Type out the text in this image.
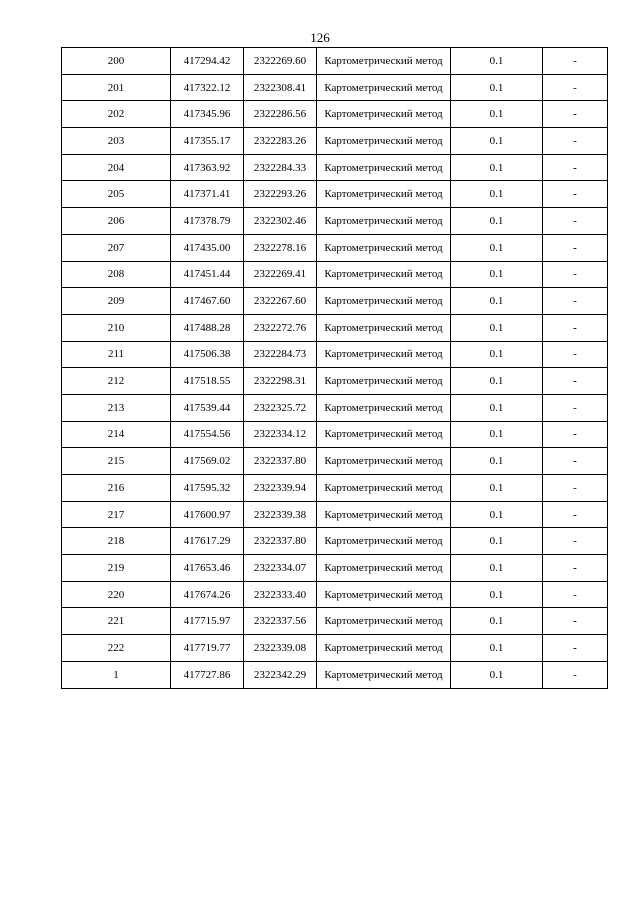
126
200	417294.42	2322269.60	Картометрический метод	0.1	-
201	417322.12	2322308.41	Картометрический метод	0.1	-
202	417345.96	2322286.56	Картометрический метод	0.1	-
203	417355.17	2322283.26	Картометрический метод	0.1	-
204	417363.92	2322284.33	Картометрический метод	0.1	-
205	417371.41	2322293.26	Картометрический метод	0.1	-
206	417378.79	2322302.46	Картометрический метод	0.1	-
207	417435.00	2322278.16	Картометрический метод	0.1	-
208	417451.44	2322269.41	Картометрический метод	0.1	-
209	417467.60	2322267.60	Картометрический метод	0.1	-
210	417488.28	2322272.76	Картометрический метод	0.1	-
211	417506.38	2322284.73	Картометрический метод	0.1	-
212	417518.55	2322298.31	Картометрический метод	0.1	-
213	417539.44	2322325.72	Картометрический метод	0.1	-
214	417554.56	2322334.12	Картометрический метод	0.1	-
215	417569.02	2322337.80	Картометрический метод	0.1	-
216	417595.32	2322339.94	Картометрический метод	0.1	-
217	417600.97	2322339.38	Картометрический метод	0.1	-
218	417617.29	2322337.80	Картометрический метод	0.1	-
219	417653.46	2322334.07	Картометрический метод	0.1	-
220	417674.26	2322333.40	Картометрический метод	0.1	-
221	417715.97	2322337.56	Картометрический метод	0.1	-
222	417719.77	2322339.08	Картометрический метод	0.1	-
1	417727.86	2322342.29	Картометрический метод	0.1	-
